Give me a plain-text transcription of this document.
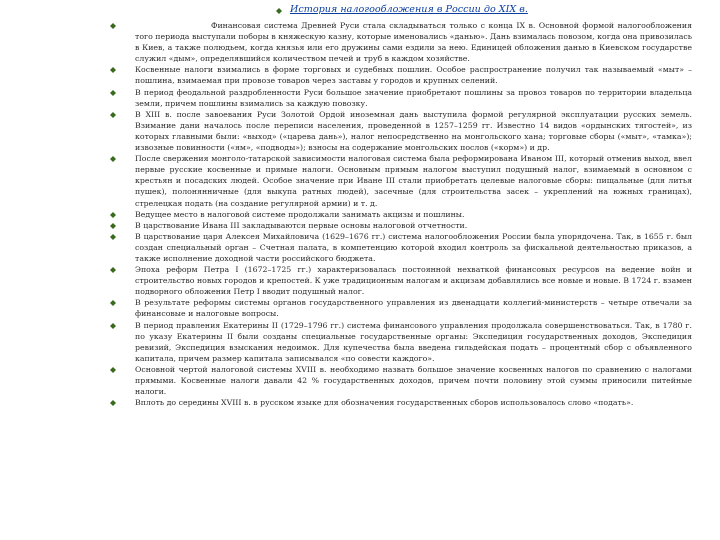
История налогообложения в России до XIX в.
Финансовая система Древней Руси стала складываться только с конца IX в. Основной формой налогообложения того периода выступали поборы в княжескую казну, которые именовались «данью». Дань взималась повозом, когда она привозилась в Киев, а также полюдьем, когда князья или его дружины сами ездили за нею. Единицей обложения данью в Киевском государстве служил «дым», определявшийся количеством печей и труб в каждом хозяйстве.
Косвенные налоги взимались в форме торговых и судебных пошлин. Особое распространение получил так называемый «мыт» – пошлина, взимаемая при провозе товаров через заставы у городов и крупных селений.
В период феодальной раздробленности Руси большое значение приобретают пошлины за провоз товаров по территории владельца земли, причем пошлины взимались за каждую повозку.
В XIII в. после завоевания Руси Золотой Ордой иноземная дань выступила формой регулярной эксплуатации русских земель. Взимание дани началось после переписи населения, проведенной в 1257–1259 гг. Известно 14 видов «ордынских тягостей», из которых главными были: «выход» («царева дань»), налог непосредственно на монгольского хана; торговые сборы («мыт», «тамка»); извозные повинности («ям», «подводы»); взносы на содержание монгольских послов («корм») и др.
После свержения монголо-татарской зависимости налоговая система была реформирована Иваном III, который отменив выход, ввел первые русские косвенные и прямые налоги. Основным прямым налогом выступил подушный налог, взимаемый в основном с крестьян и посадских людей. Особое значение при Иване III стали приобретать целевые налоговые сборы: пищальные (для литья пушек), полонянничные (для выкупа ратных людей), засечные (для строительства засек – укреплений на южных границах), стрелецкая подать (на создание регулярной армии) и т. д.
Ведущее место в налоговой системе продолжали занимать акцизы и пошлины.
В царствование Ивана III закладываются первые основы налоговой отчетности.
В царствование царя Алексея Михайловича (1629–1676 гг.) система налогообложения России была упорядочена. Так, в 1655 г. был создан специальный орган – Счетная палата, в компетенцию которой входил контроль за фискальной деятельностью приказов, а также исполнение доходной части российского бюджета.
Эпоха реформ Петра I (1672–1725 гг.) характеризовалась постоянной нехваткой финансовых ресурсов на ведение войн и строительство новых городов и крепостей. К уже традиционным налогам и акцизам добавлялись все новые и новые. В 1724 г. взамен подворного обложения Петр I вводит подушный налог.
В результате реформы системы органов государственного управления из двенадцати коллегий-министерств – четыре отвечали за финансовые и налоговые вопросы.
В период правления Екатерины II (1729–1796 гг.) система финансового управления продолжала совершенствоваться. Так, в 1780 г. по указу Екатерины II были созданы специальные государственные органы: Экспедиция государственных доходов, Экспедиция ревизий, Экспедиция взыскания недоимок. Для купечества была введена гильдейская подать – процентный сбор с объявленного капитала, причем размер капитала записывался «по совести каждого».
Основной чертой налоговой системы XVIII в. необходимо назвать большое значение косвенных налогов по сравнению с налогами прямыми. Косвенные налоги давали 42 % государственных доходов, причем почти половину этой суммы приносили питейные налоги.
Вплоть до середины XVIII в. в русском языке для обозначения государственных сборов использовалось слово «подать».
